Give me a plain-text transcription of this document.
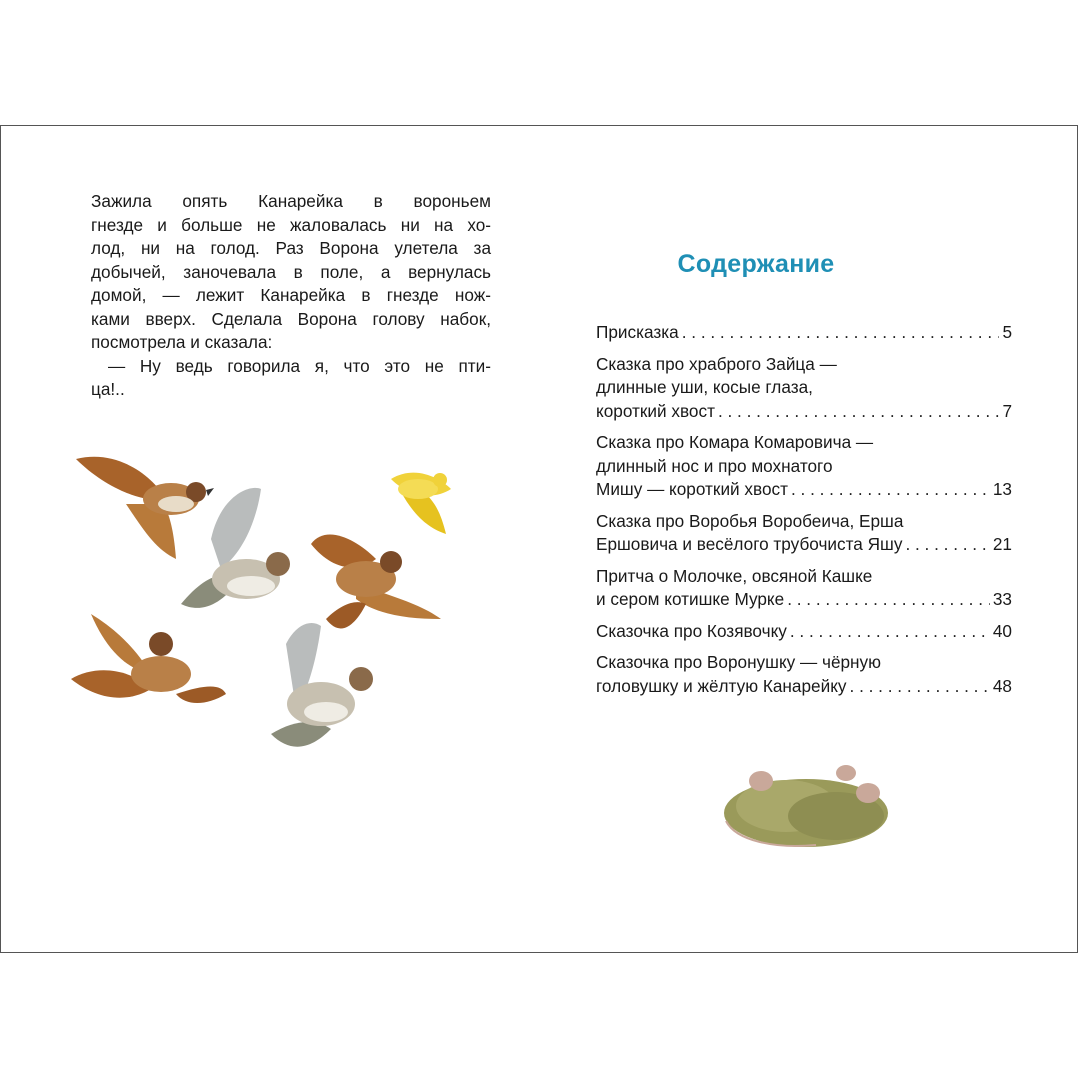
Зажила опять Канарейка в вороньем
гнезде и больше не жаловалась ни на хо-
лод, ни на голод. Раз Ворона улетела за
добычей, заночевала в поле, а вернулась
домой, — лежит Канарейка в гнезде нож-
ками вверх. Сделала Ворона голову набок,
посмотрела и сказала:
— Ну ведь говорила я, что это не пти-
ца!..
Содержание
Присказка . . .	5
Сказка про храброго Зайца —
длинные уши, косые глаза,
короткий хвост . . .	7
Сказка про Комара Комаровича —
длинный нос и про мохнатого
Мишу — короткий хвост . . .	13
Сказка про Воробья Воробеича, Ерша
Ершовича и весёлого трубочиста Яшу . . .	21
Притча о Молочке, овсяной Кашке
и сером котишке Мурке . . .	33
Сказочка про Козявочку . . .	40
Сказочка про Воронушку — чёрную
головушку и жёлтую Канарейку . . .	48
